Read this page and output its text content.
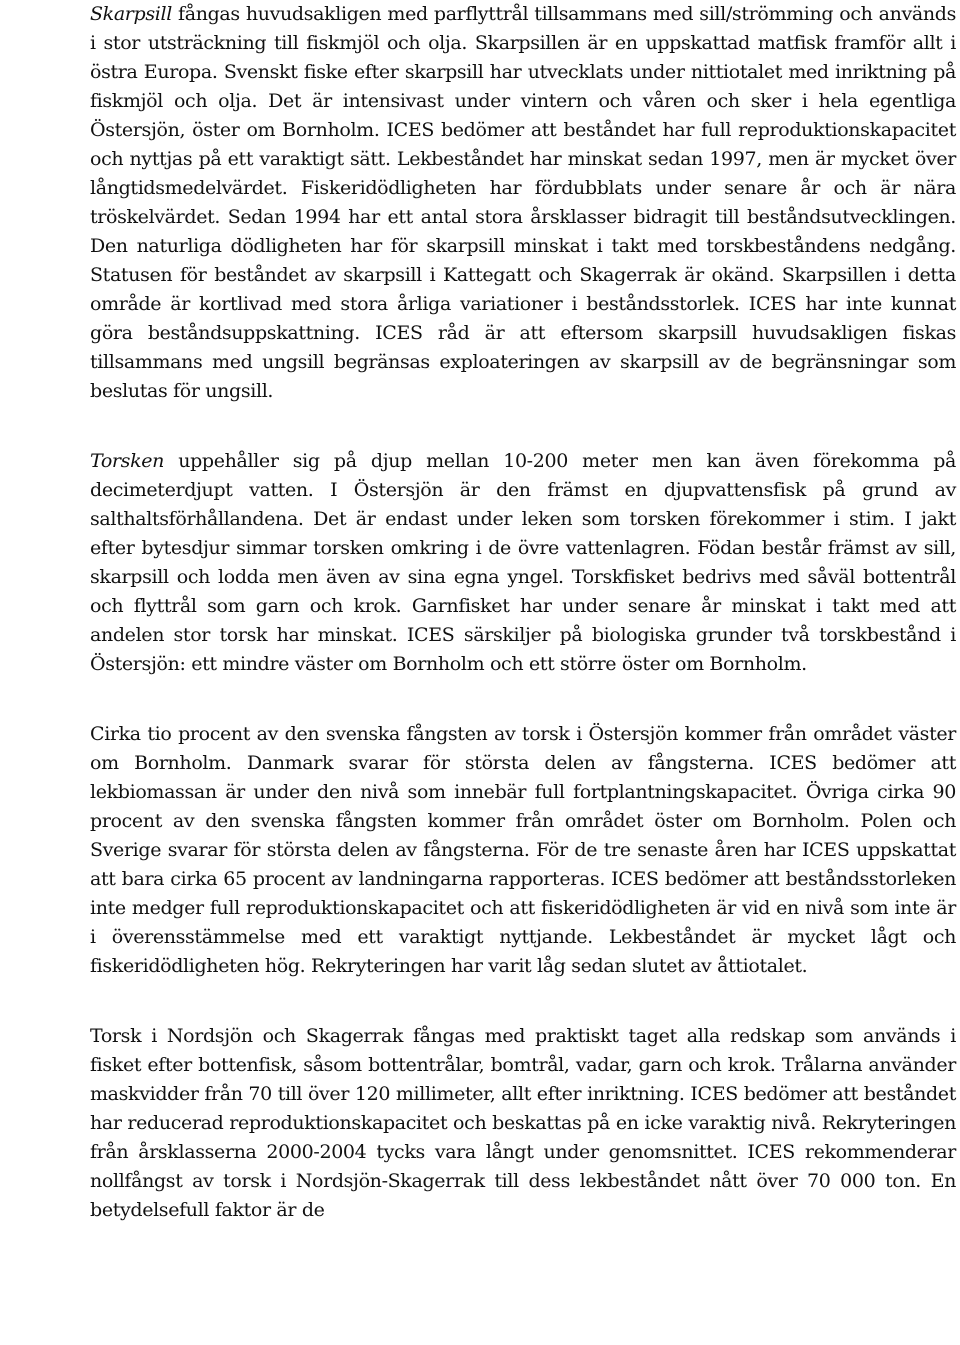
Skarpsill fångas huvudsakligen med parflyttrål tillsammans med sill/strömming och används i stor utsträckning till fiskmjöl och olja. Skarpsillen är en uppskattad matfisk framför allt i östra Europa. Svenskt fiske efter skarpsill har utvecklats under nittiotalet med inriktning på fiskmjöl och olja. Det är intensivast under vintern och våren och sker i hela egentliga Östersjön, öster om Bornholm. ICES bedömer att beståndet har full reproduktionskapacitet och nyttjas på ett varaktigt sätt. Lekbeståndet har minskat sedan 1997, men är mycket över långtidsmedelvärdet. Fiskeridödligheten har fördubblats under senare år och är nära tröskelvärdet. Sedan 1994 har ett antal stora årsklasser bidragit till beståndsutvecklingen. Den naturliga dödligheten har för skarpsill minskat i takt med torskbeståndens nedgång. Statusen för beståndet av skarpsill i Kattegatt och Skagerrak är okänd. Skarpsillen i detta område är kortlivad med stora årliga variationer i beståndsstorlek. ICES har inte kunnat göra beståndsuppskattning. ICES råd är att eftersom skarpsill huvudsakligen fiskas tillsammans med ungsill begränsas exploateringen av skarpsill av de begränsningar som beslutas för ungsill.

Torsken uppehåller sig på djup mellan 10-200 meter men kan även förekomma på decimeterdjupt vatten. I Östersjön är den främst en djupvattensfisk på grund av salthaltsförhållandena. Det är endast under leken som torsken förekommer i stim. I jakt efter bytesdjur simmar torsken omkring i de övre vattenlagren. Födan består främst av sill, skarpsill och lodda men även av sina egna yngel. Torskfisket bedrivs med såväl bottentrål och flyttrål som garn och krok. Garnfisket har under senare år minskat i takt med att andelen stor torsk har minskat. ICES särskiljer på biologiska grunder två torskbestånd i Östersjön: ett mindre väster om Bornholm och ett större öster om Bornholm.

Cirka tio procent av den svenska fångsten av torsk i Östersjön kommer från området väster om Bornholm. Danmark svarar för största delen av fångsterna. ICES bedömer att lekbiomassan är under den nivå som innebär full fortplantningskapacitet. Övriga cirka 90 procent av den svenska fångsten kommer från området öster om Bornholm. Polen och Sverige svarar för största delen av fångsterna. För de tre senaste åren har ICES uppskattat att bara cirka 65 procent av landningarna rapporteras. ICES bedömer att beståndsstorleken inte medger full reproduktionskapacitet och att fiskeridödligheten är vid en nivå som inte är i överensstämmelse med ett varaktigt nyttjande. Lekbeståndet är mycket lågt och fiskeridödligheten hög. Rekryteringen har varit låg sedan slutet av åttiotalet.

Torsk i Nordsjön och Skagerrak fångas med praktiskt taget alla redskap som används i fisket efter bottenfisk, såsom bottentrålar, bomtrål, vadar, garn och krok. Trålarna använder maskvidder från 70 till över 120 millimeter, allt efter inriktning. ICES bedömer att beståndet har reducerad reproduktionskapacitet och beskattas på en icke varaktig nivå. Rekryteringen från årsklasserna 2000-2004 tycks vara långt under genomsnittet. ICES rekommenderar nollfångst av torsk i Nordsjön-Skagerrak till dess lekbeståndet nått över 70 000 ton. En betydelsefull faktor är de
